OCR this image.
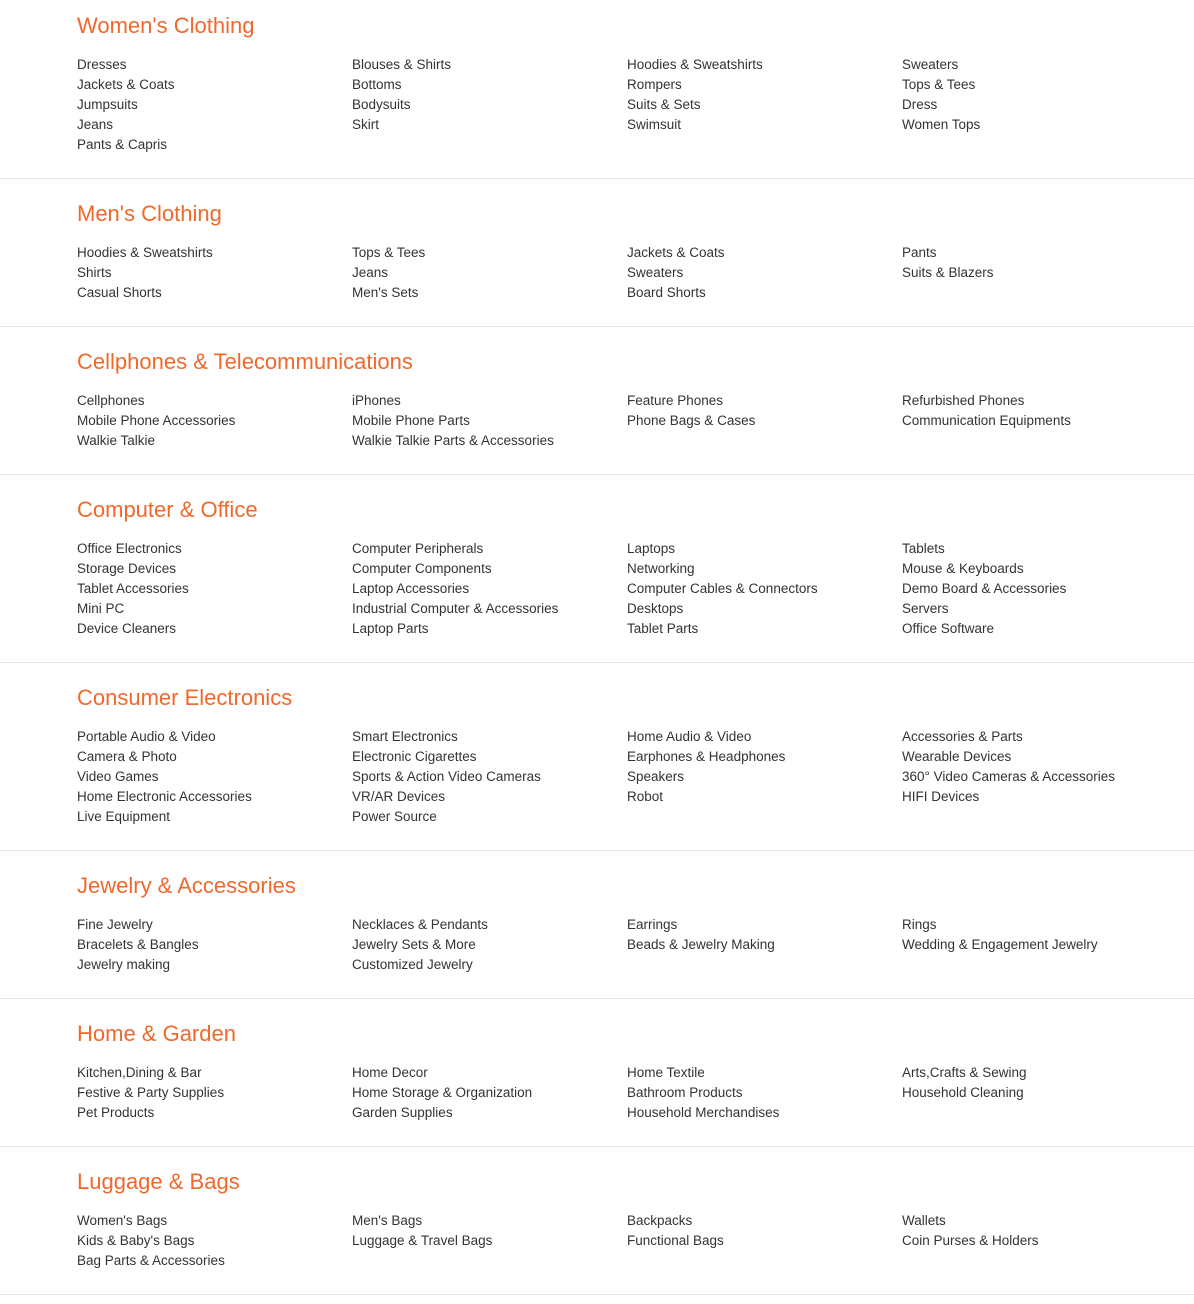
Women's Clothing
Dresses
Jackets & Coats
Jumpsuits
Jeans
Pants & Capris
Blouses & Shirts
Bottoms
Bodysuits
Skirt
Hoodies & Sweatshirts
Rompers
Suits & Sets
Swimsuit
Sweaters
Tops & Tees
Dress
Women Tops
Men's Clothing
Hoodies & Sweatshirts
Shirts
Casual Shorts
Tops & Tees
Jeans
Men's Sets
Jackets & Coats
Sweaters
Board Shorts
Pants
Suits & Blazers
Cellphones & Telecommunications
Cellphones
Mobile Phone Accessories
Walkie Talkie
iPhones
Mobile Phone Parts
Walkie Talkie Parts & Accessories
Feature Phones
Phone Bags & Cases
Refurbished Phones
Communication Equipments
Computer & Office
Office Electronics
Storage Devices
Tablet Accessories
Mini PC
Device Cleaners
Computer Peripherals
Computer Components
Laptop Accessories
Industrial Computer & Accessories
Laptop Parts
Laptops
Networking
Computer Cables & Connectors
Desktops
Tablet Parts
Tablets
Mouse & Keyboards
Demo Board & Accessories
Servers
Office Software
Consumer Electronics
Portable Audio & Video
Camera & Photo
Video Games
Home Electronic Accessories
Live Equipment
Smart Electronics
Electronic Cigarettes
Sports & Action Video Cameras
VR/AR Devices
Power Source
Home Audio & Video
Earphones & Headphones
Speakers
Robot
Accessories & Parts
Wearable Devices
360° Video Cameras & Accessories
HIFI Devices
Jewelry & Accessories
Fine Jewelry
Bracelets & Bangles
Jewelry making
Necklaces & Pendants
Jewelry Sets & More
Customized Jewelry
Earrings
Beads & Jewelry Making
Rings
Wedding & Engagement Jewelry
Home & Garden
Kitchen,Dining & Bar
Festive & Party Supplies
Pet Products
Home Decor
Home Storage & Organization
Garden Supplies
Home Textile
Bathroom Products
Household Merchandises
Arts,Crafts & Sewing
Household Cleaning
Luggage & Bags
Women's Bags
Kids & Baby's Bags
Bag Parts & Accessories
Men's Bags
Luggage & Travel Bags
Backpacks
Functional Bags
Wallets
Coin Purses & Holders
